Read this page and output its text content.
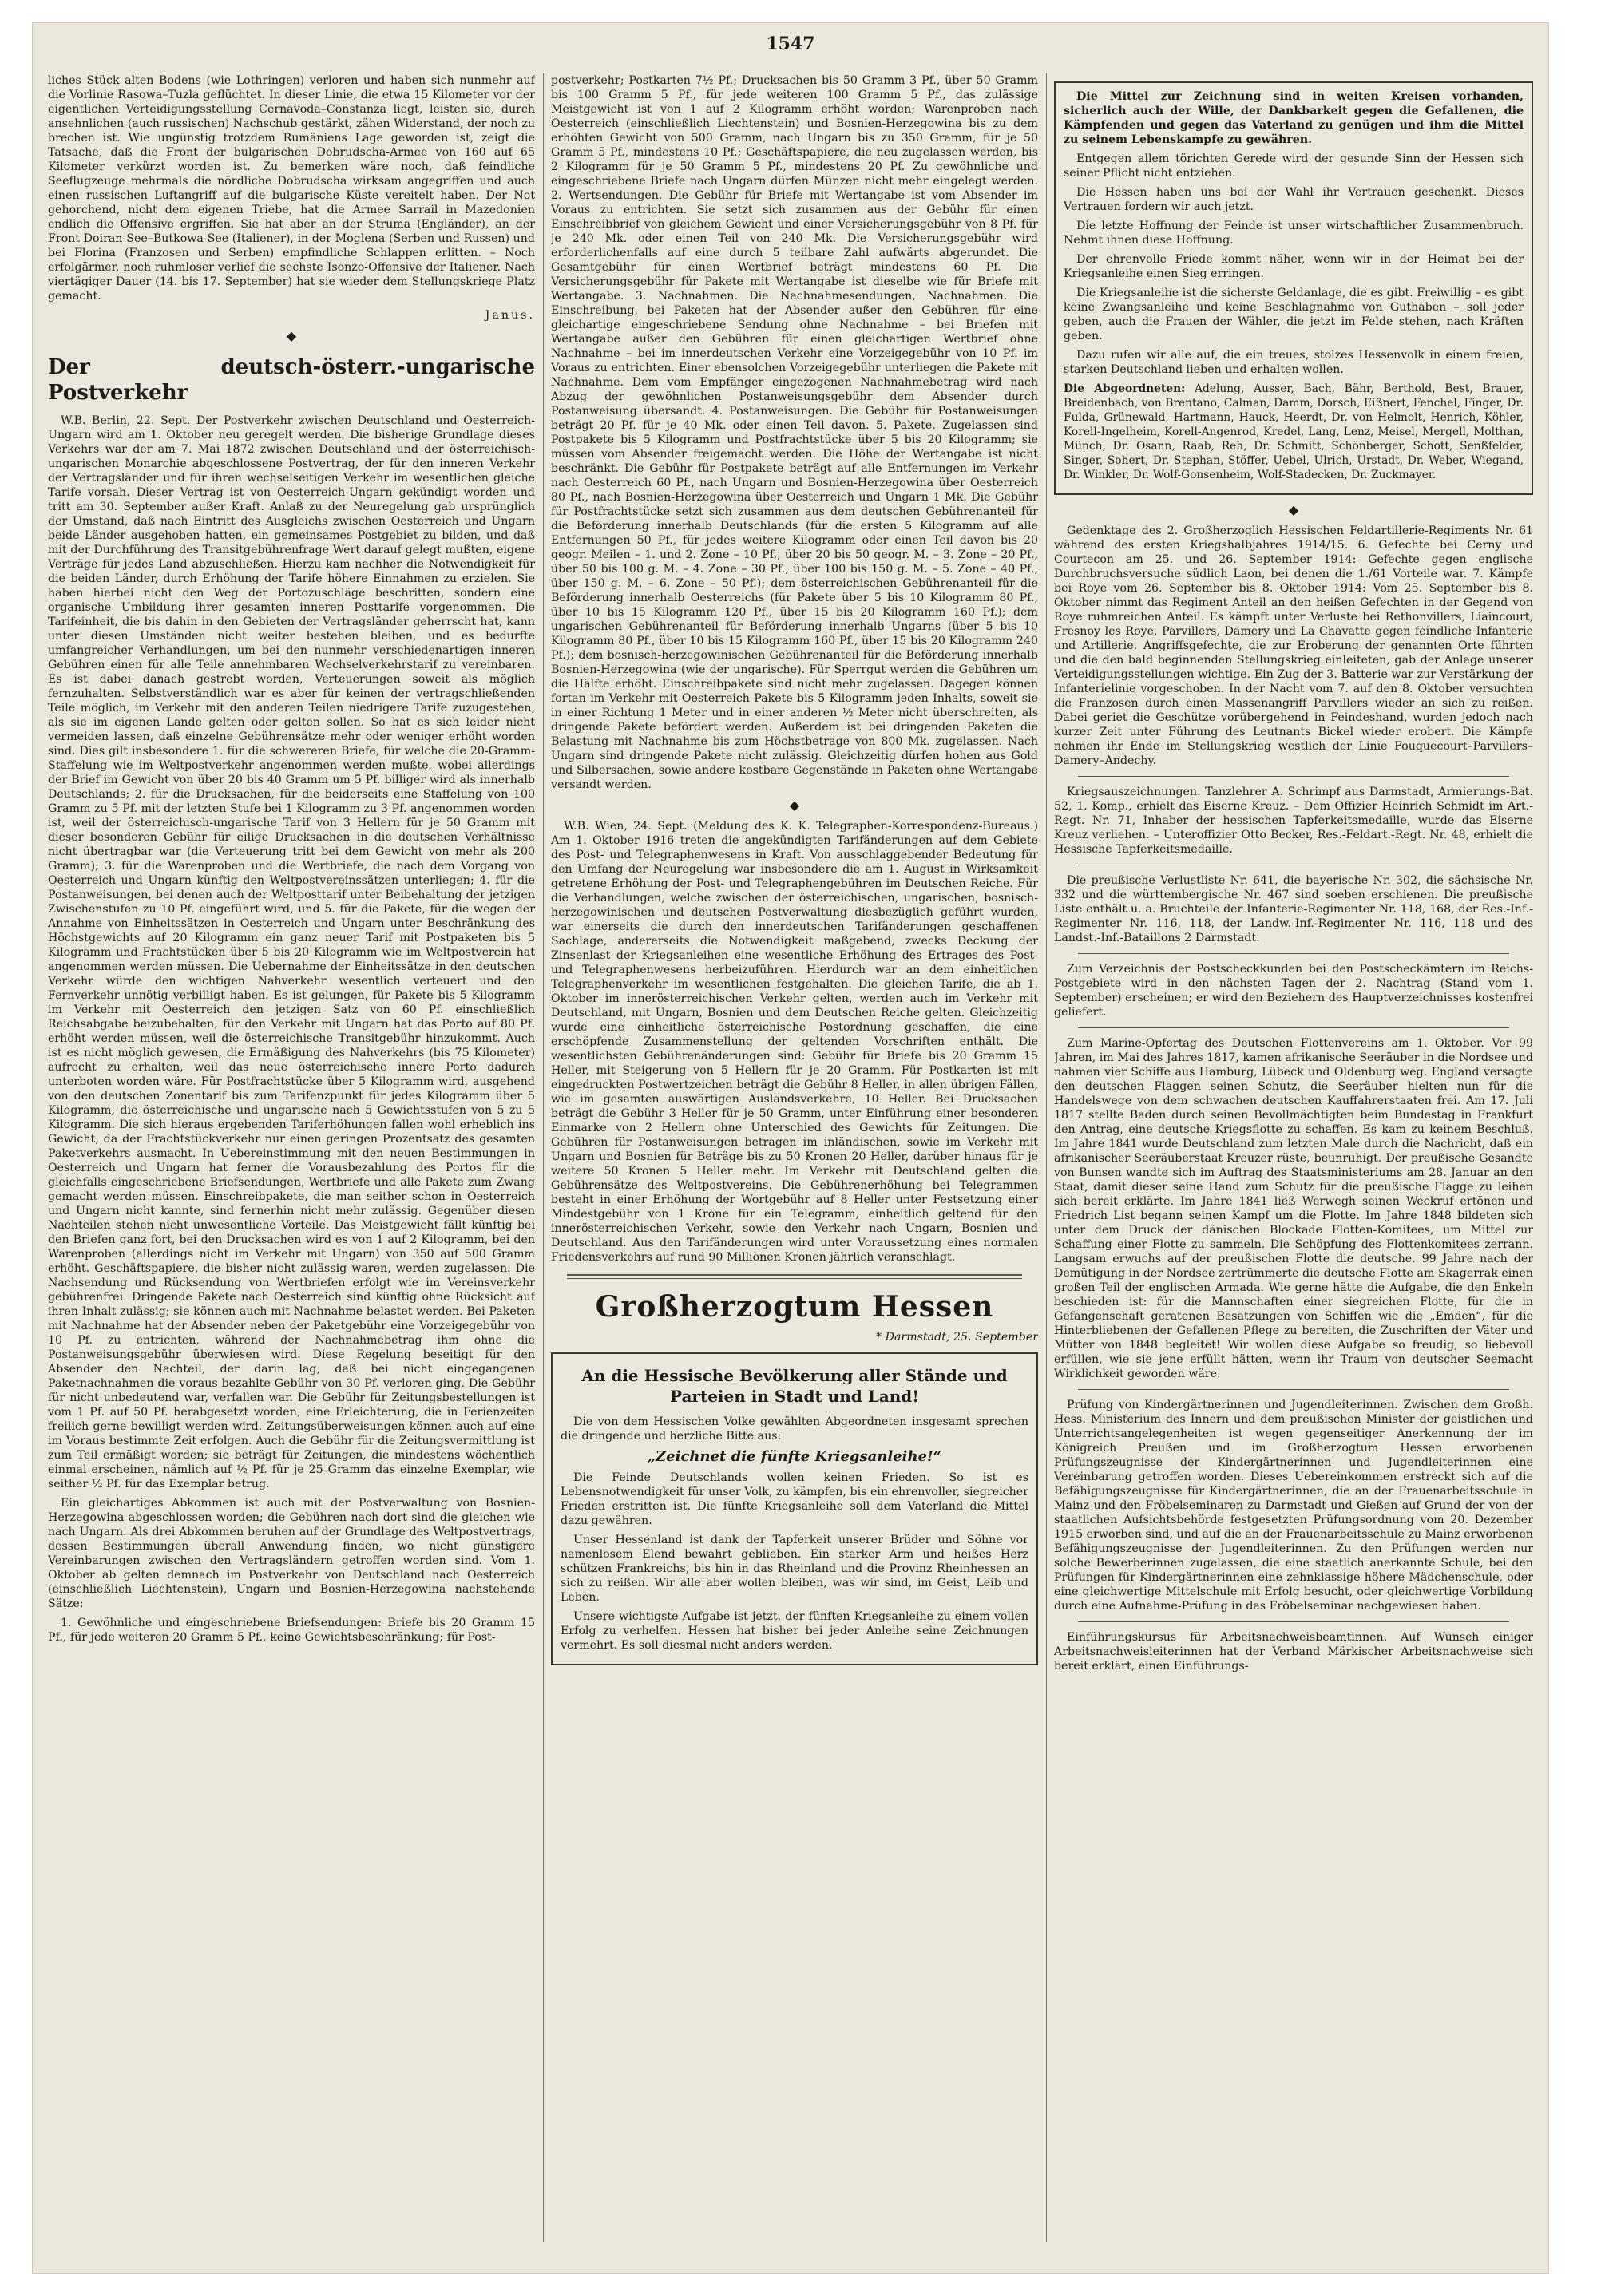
1547

liches Stück alten Bodens (wie Lothringen) verloren und haben sich nunmehr auf die Vorlinie Rasowa–Tuzla geflüchtet. In dieser Linie, die etwa 15 Kilometer vor der eigentlichen Verteidigungsstellung Cernavoda–Constanza liegt, leisten sie, durch ansehnlichen (auch russischen) Nachschub gestärkt, zähen Widerstand, der noch zu brechen ist. Wie ungünstig trotzdem Rumäniens Lage geworden ist, zeigt die Tatsache, daß die Front der bulgarischen Dobrudscha-Armee von 160 auf 65 Kilometer verkürzt worden ist. Zu bemerken wäre noch, daß feindliche Seeflugzeuge mehrmals die nördliche Dobrudscha wirksam angegriffen und auch einen russischen Luftangriff auf die bulgarische Küste vereitelt haben. Der Not gehorchend, nicht dem eigenen Triebe, hat die Armee Sarrail in Mazedonien endlich die Offensive ergriffen. Sie hat aber an der Struma (Engländer), an der Front Doiran-See–Butkowa-See (Italiener), in der Moglena (Serben und Russen) und bei Florina (Franzosen und Serben) empfindliche Schlappen erlitten. – Noch erfolgärmer, noch ruhmloser verlief die sechste Isonzo-Offensive der Italiener. Nach viertägiger Dauer (14. bis 17. September) hat sie wieder dem Stellungskriege Platz gemacht.

Janus.
◆
Der deutsch-österr.-ungarische Postverkehr

W.B. Berlin, 22. Sept. Der Postverkehr zwischen Deutschland und Oesterreich-Ungarn wird am 1. Oktober neu geregelt werden. Die bisherige Grundlage dieses Verkehrs war der am 7. Mai 1872 zwischen Deutschland und der österreichisch-ungarischen Monarchie abgeschlossene Postvertrag, der für den inneren Verkehr der Vertragsländer und für ihren wechselseitigen Verkehr im wesentlichen gleiche Tarife vorsah. Dieser Vertrag ist von Oesterreich-Ungarn gekündigt worden und tritt am 30. September außer Kraft. Anlaß zu der Neuregelung gab ursprünglich der Umstand, daß nach Eintritt des Ausgleichs zwischen Oesterreich und Ungarn beide Länder ausgehoben hatten, ein gemeinsames Postgebiet zu bilden, und daß mit der Durchführung des Transitgebührenfrage Wert darauf gelegt mußten, eigene Verträge für jedes Land abzuschließen. Hierzu kam nachher die Notwendigkeit für die beiden Länder, durch Erhöhung der Tarife höhere Einnahmen zu erzielen. Sie haben hierbei nicht den Weg der Portozuschläge beschritten, sondern eine organische Umbildung ihrer gesamten inneren Posttarife vorgenommen. Die Tarifeinheit, die bis dahin in den Gebieten der Vertragsländer geherrscht hat, kann unter diesen Umständen nicht weiter bestehen bleiben, und es bedurfte umfangreicher Verhandlungen, um bei den nunmehr verschiedenartigen inneren Gebühren einen für alle Teile annehmbaren Wechselverkehrstarif zu vereinbaren. Es ist dabei danach gestrebt worden, Verteuerungen soweit als möglich fernzuhalten. Selbstverständlich war es aber für keinen der vertragschließenden Teile möglich, im Verkehr mit den anderen Teilen niedrigere Tarife zuzugestehen, als sie im eigenen Lande gelten oder gelten sollen. So hat es sich leider nicht vermeiden lassen, daß einzelne Gebührensätze mehr oder weniger erhöht worden sind. Dies gilt insbesondere 1. für die schwereren Briefe, für welche die 20-Gramm-Staffelung wie im Weltpostverkehr angenommen werden mußte, wobei allerdings der Brief im Gewicht von über 20 bis 40 Gramm um 5 Pf. billiger wird als innerhalb Deutschlands; 2. für die Drucksachen, für die beiderseits eine Staffelung von 100 Gramm zu 5 Pf. mit der letzten Stufe bei 1 Kilogramm zu 3 Pf. angenommen worden ist, weil der österreichisch-ungarische Tarif von 3 Hellern für je 50 Gramm mit dieser besonderen Gebühr für eilige Drucksachen in die deutschen Verhältnisse nicht übertragbar war (die Verteuerung tritt bei dem Gewicht von mehr als 200 Gramm); 3. für die Warenproben und die Wertbriefe, die nach dem Vorgang von Oesterreich und Ungarn künftig den Weltpostvereinssätzen unterliegen; 4. für die Postanweisungen, bei denen auch der Weltposttarif unter Beibehaltung der jetzigen Zwischenstufen zu 10 Pf. eingeführt wird, und 5. für die Pakete, für die wegen der Annahme von Einheitssätzen in Oesterreich und Ungarn unter Beschränkung des Höchstgewichts auf 20 Kilogramm ein ganz neuer Tarif mit Postpaketen bis 5 Kilogramm und Frachtstücken über 5 bis 20 Kilogramm wie im Weltpostverein hat angenommen werden müssen. Die Uebernahme der Einheitssätze in den deutschen Verkehr würde den wichtigen Nahverkehr wesentlich verteuert und den Fernverkehr unnötig verbilligt haben. Es ist gelungen, für Pakete bis 5 Kilogramm im Verkehr mit Oesterreich den jetzigen Satz von 60 Pf. einschließlich Reichsabgabe beizubehalten; für den Verkehr mit Ungarn hat das Porto auf 80 Pf. erhöht werden müssen, weil die österreichische Transitgebühr hinzukommt. Auch ist es nicht möglich gewesen, die Ermäßigung des Nahverkehrs (bis 75 Kilometer) aufrecht zu erhalten, weil das neue österreichische innere Porto dadurch unterboten worden wäre. Für Postfrachtstücke über 5 Kilogramm wird, ausgehend von den deutschen Zonentarif bis zum Tarifenzpunkt für jedes Kilogramm über 5 Kilogramm, die österreichische und ungarische nach 5 Gewichtsstufen von 5 zu 5 Kilogramm. Die sich hieraus ergebenden Tariferhöhungen fallen wohl erheblich ins Gewicht, da der Frachtstückverkehr nur einen geringen Prozentsatz des gesamten Paketverkehrs ausmacht. In Uebereinstimmung mit den neuen Bestimmungen in Oesterreich und Ungarn hat ferner die Vorausbezahlung des Portos für die gleichfalls eingeschriebene Briefsendungen, Wertbriefe und alle Pakete zum Zwang gemacht werden müssen. Einschreibpakete, die man seither schon in Oesterreich und Ungarn nicht kannte, sind fernerhin nicht mehr zulässig. Gegenüber diesen Nachteilen stehen nicht unwesentliche Vorteile. Das Meistgewicht fällt künftig bei den Briefen ganz fort, bei den Drucksachen wird es von 1 auf 2 Kilogramm, bei den Warenproben (allerdings nicht im Verkehr mit Ungarn) von 350 auf 500 Gramm erhöht. Geschäftspapiere, die bisher nicht zulässig waren, werden zugelassen. Die Nachsendung und Rücksendung von Wertbriefen erfolgt wie im Vereinsverkehr gebührenfrei. Dringende Pakete nach Oesterreich sind künftig ohne Rücksicht auf ihren Inhalt zulässig; sie können auch mit Nachnahme belastet werden. Bei Paketen mit Nachnahme hat der Absender neben der Paketgebühr eine Vorzeigegebühr von 10 Pf. zu entrichten, während der Nachnahmebetrag ihm ohne die Postanweisungsgebühr überwiesen wird. Diese Regelung beseitigt für den Absender den Nachteil, der darin lag, daß bei nicht eingegangenen Paketnachnahmen die voraus bezahlte Gebühr von 30 Pf. verloren ging. Die Gebühr für nicht unbedeutend war, verfallen war. Die Gebühr für Zeitungsbestellungen ist vom 1 Pf. auf 50 Pf. herabgesetzt worden, eine Erleichterung, die in Ferienzeiten freilich gerne bewilligt werden wird. Zeitungsüberweisungen können auch auf eine im Voraus bestimmte Zeit erfolgen. Auch die Gebühr für die Zeitungsvermittlung ist zum Teil ermäßigt worden; sie beträgt für Zeitungen, die mindestens wöchentlich einmal erscheinen, nämlich auf ½ Pf. für je 25 Gramm das einzelne Exemplar, wie seither ½ Pf. für das Exemplar betrug.

Ein gleichartiges Abkommen ist auch mit der Postverwaltung von Bosnien-Herzegowina abgeschlossen worden; die Gebühren nach dort sind die gleichen wie nach Ungarn. Als drei Abkommen beruhen auf der Grundlage des Weltpostvertrags, dessen Bestimmungen überall Anwendung finden, wo nicht günstigere Vereinbarungen zwischen den Vertragsländern getroffen worden sind. Vom 1. Oktober ab gelten demnach im Postverkehr von Deutschland nach Oesterreich (einschließlich Liechtenstein), Ungarn und Bosnien-Herzegowina nachstehende Sätze:

1. Gewöhnliche und eingeschriebene Briefsendungen: Briefe bis 20 Gramm 15 Pf., für jede weiteren 20 Gramm 5 Pf., keine Gewichtsbeschränkung; für Post-

postverkehr; Postkarten 7½ Pf.; Drucksachen bis 50 Gramm 3 Pf., über 50 Gramm bis 100 Gramm 5 Pf., für jede weiteren 100 Gramm 5 Pf., das zulässige Meistgewicht ist von 1 auf 2 Kilogramm erhöht worden; Warenproben nach Oesterreich (einschließlich Liechtenstein) und Bosnien-Herzegowina bis zu dem erhöhten Gewicht von 500 Gramm, nach Ungarn bis zu 350 Gramm, für je 50 Gramm 5 Pf., mindestens 10 Pf.; Geschäftspapiere, die neu zugelassen werden, bis 2 Kilogramm für je 50 Gramm 5 Pf., mindestens 20 Pf. Zu gewöhnliche und eingeschriebene Briefe nach Ungarn dürfen Münzen nicht mehr eingelegt werden. 2. Wertsendungen. Die Gebühr für Briefe mit Wertangabe ist vom Absender im Voraus zu entrichten. Sie setzt sich zusammen aus der Gebühr für einen Einschreibbrief von gleichem Gewicht und einer Versicherungsgebühr von 8 Pf. für je 240 Mk. oder einen Teil von 240 Mk. Die Versicherungsgebühr wird erforderlichenfalls auf eine durch 5 teilbare Zahl aufwärts abgerundet. Die Gesamtgebühr für einen Wertbrief beträgt mindestens 60 Pf. Die Versicherungsgebühr für Pakete mit Wertangabe ist dieselbe wie für Briefe mit Wertangabe. 3. Nachnahmen. Die Nachnahmesendungen, Nachnahmen. Die Einschreibung, bei Paketen hat der Absender außer den Gebühren für eine gleichartige eingeschriebene Sendung ohne Nachnahme – bei Briefen mit Wertangabe außer den Gebühren für einen gleichartigen Wertbrief ohne Nachnahme – bei im innerdeutschen Verkehr eine Vorzeigegebühr von 10 Pf. im Voraus zu entrichten. Einer ebensolchen Vorzeigegebühr unterliegen die Pakete mit Nachnahme. Dem vom Empfänger eingezogenen Nachnahmebetrag wird nach Abzug der gewöhnlichen Postanweisungsgebühr dem Absender durch Postanweisung übersandt. 4. Postanweisungen. Die Gebühr für Postanweisungen beträgt 20 Pf. für je 40 Mk. oder einen Teil davon. 5. Pakete. Zugelassen sind Postpakete bis 5 Kilogramm und Postfrachtstücke über 5 bis 20 Kilogramm; sie müssen vom Absender freigemacht werden. Die Höhe der Wertangabe ist nicht beschränkt. Die Gebühr für Postpakete beträgt auf alle Entfernungen im Verkehr nach Oesterreich 60 Pf., nach Ungarn und Bosnien-Herzegowina über Oesterreich 80 Pf., nach Bosnien-Herzegowina über Oesterreich und Ungarn 1 Mk. Die Gebühr für Postfrachtstücke setzt sich zusammen aus dem deutschen Gebührenanteil für die Beförderung innerhalb Deutschlands (für die ersten 5 Kilogramm auf alle Entfernungen 50 Pf., für jedes weitere Kilogramm oder einen Teil davon bis 20 geogr. Meilen – 1. und 2. Zone – 10 Pf., über 20 bis 50 geogr. M. – 3. Zone – 20 Pf., über 50 bis 100 g. M. – 4. Zone – 30 Pf., über 100 bis 150 g. M. – 5. Zone – 40 Pf., über 150 g. M. – 6. Zone – 50 Pf.); dem österreichischen Gebührenanteil für die Beförderung innerhalb Oesterreichs (für Pakete über 5 bis 10 Kilogramm 80 Pf., über 10 bis 15 Kilogramm 120 Pf., über 15 bis 20 Kilogramm 160 Pf.); dem ungarischen Gebührenanteil für Beförderung innerhalb Ungarns (über 5 bis 10 Kilogramm 80 Pf., über 10 bis 15 Kilogramm 160 Pf., über 15 bis 20 Kilogramm 240 Pf.); dem bosnisch-herzegowinischen Gebührenanteil für die Beförderung innerhalb Bosnien-Herzegowina (wie der ungarische). Für Sperrgut werden die Gebühren um die Hälfte erhöht. Einschreibpakete sind nicht mehr zugelassen. Dagegen können fortan im Verkehr mit Oesterreich Pakete bis 5 Kilogramm jeden Inhalts, soweit sie in einer Richtung 1 Meter und in einer anderen ½ Meter nicht überschreiten, als dringende Pakete befördert werden. Außerdem ist bei dringenden Paketen die Belastung mit Nachnahme bis zum Höchstbetrage von 800 Mk. zugelassen. Nach Ungarn sind dringende Pakete nicht zulässig. Gleichzeitig dürfen hohen aus Gold und Silbersachen, sowie andere kostbare Gegenstände in Paketen ohne Wertangabe versandt werden.

◆

W.B. Wien, 24. Sept. (Meldung des K. K. Telegraphen-Korrespondenz-Bureaus.) Am 1. Oktober 1916 treten die angekündigten Tarifänderungen auf dem Gebiete des Post- und Telegraphenwesens in Kraft. Von ausschlaggebender Bedeutung für den Umfang der Neuregelung war insbesondere die am 1. August in Wirksamkeit getretene Erhöhung der Post- und Telegraphengebühren im Deutschen Reiche. Für die Verhandlungen, welche zwischen der österreichischen, ungarischen, bosnisch-herzegowinischen und deutschen Postverwaltung diesbezüglich geführt wurden, war einerseits die durch den innerdeutschen Tarifänderungen geschaffenen Sachlage, andererseits die Notwendigkeit maßgebend, zwecks Deckung der Zinsenlast der Kriegsanleihen eine wesentliche Erhöhung des Ertrages des Post- und Telegraphenwesens herbeizuführen. Hierdurch war an dem einheitlichen Telegraphenverkehr im wesentlichen festgehalten. Die gleichen Tarife, die ab 1. Oktober im innerösterreichischen Verkehr gelten, werden auch im Verkehr mit Deutschland, mit Ungarn, Bosnien und dem Deutschen Reiche gelten. Gleichzeitig wurde eine einheitliche österreichische Postordnung geschaffen, die eine erschöpfende Zusammenstellung der geltenden Vorschriften enthält. Die wesentlichsten Gebührenänderungen sind: Gebühr für Briefe bis 20 Gramm 15 Heller, mit Steigerung von 5 Hellern für je 20 Gramm. Für Postkarten ist mit eingedruckten Postwertzeichen beträgt die Gebühr 8 Heller, in allen übrigen Fällen, wie im gesamten auswärtigen Auslandsverkehre, 10 Heller. Bei Drucksachen beträgt die Gebühr 3 Heller für je 50 Gramm, unter Einführung einer besonderen Einmarke von 2 Hellern ohne Unterschied des Gewichts für Zeitungen. Die Gebühren für Postanweisungen betragen im inländischen, sowie im Verkehr mit Ungarn und Bosnien für Beträge bis zu 50 Kronen 20 Heller, darüber hinaus für je weitere 50 Kronen 5 Heller mehr. Im Verkehr mit Deutschland gelten die Gebührensätze des Weltpostvereins. Die Gebührenerhöhung bei Telegrammen besteht in einer Erhöhung der Wortgebühr auf 8 Heller unter Festsetzung einer Mindestgebühr von 1 Krone für ein Telegramm, einheitlich geltend für den innerösterreichischen Verkehr, sowie den Verkehr nach Ungarn, Bosnien und Deutschland. Aus den Tarifänderungen wird unter Voraussetzung eines normalen Friedensverkehrs auf rund 90 Millionen Kronen jährlich veranschlagt.

Großherzogtum Hessen
* Darmstadt, 25. September
An die Hessische Bevölkerung aller Stände und Parteien in Stadt und Land!

Die von dem Hessischen Volke gewählten Abgeordneten insgesamt sprechen die dringende und herzliche Bitte aus:

„Zeichnet die fünfte Kriegsanleihe!“

Die Feinde Deutschlands wollen keinen Frieden. So ist es Lebensnotwendigkeit für unser Volk, zu kämpfen, bis ein ehrenvoller, siegreicher Frieden erstritten ist. Die fünfte Kriegsanleihe soll dem Vaterland die Mittel dazu gewähren.

Unser Hessenland ist dank der Tapferkeit unserer Brüder und Söhne vor namenlosem Elend bewahrt geblieben. Ein starker Arm und heißes Herz schützen Frankreichs, bis hin in das Rheinland und die Provinz Rheinhessen an sich zu reißen. Wir alle aber wollen bleiben, was wir sind, im Geist, Leib und Leben.

Unsere wichtigste Aufgabe ist jetzt, der fünften Kriegsanleihe zu einem vollen Erfolg zu verhelfen. Hessen hat bisher bei jeder Anleihe seine Zeichnungen vermehrt. Es soll diesmal nicht anders werden.

Die Mittel zur Zeichnung sind in weiten Kreisen vorhanden, sicherlich auch der Wille, der Dankbarkeit gegen die Gefallenen, die Kämpfenden und gegen das Vaterland zu genügen und ihm die Mittel zu seinem Lebenskampfe zu gewähren.

Entgegen allem törichten Gerede wird der gesunde Sinn der Hessen sich seiner Pflicht nicht entziehen.

Die Hessen haben uns bei der Wahl ihr Vertrauen geschenkt. Dieses Vertrauen fordern wir auch jetzt.

Die letzte Hoffnung der Feinde ist unser wirtschaftlicher Zusammenbruch. Nehmt ihnen diese Hoffnung.

Der ehrenvolle Friede kommt näher, wenn wir in der Heimat bei der Kriegsanleihe einen Sieg erringen.

Die Kriegsanleihe ist die sicherste Geldanlage, die es gibt. Freiwillig – es gibt keine Zwangsanleihe und keine Beschlagnahme von Guthaben – soll jeder geben, auch die Frauen der Wähler, die jetzt im Felde stehen, nach Kräften geben.

Dazu rufen wir alle auf, die ein treues, stolzes Hessenvolk in einem freien, starken Deutschland lieben und erhalten wollen.

Die Abgeordneten: Adelung, Ausser, Bach, Bähr, Berthold, Best, Brauer, Breidenbach, von Brentano, Calman, Damm, Dorsch, Eißnert, Fenchel, Finger, Dr. Fulda, Grünewald, Hartmann, Hauck, Heerdt, Dr. von Helmolt, Henrich, Köhler, Korell-Ingelheim, Korell-Angenrod, Kredel, Lang, Lenz, Meisel, Mergell, Molthan, Münch, Dr. Osann, Raab, Reh, Dr. Schmitt, Schönberger, Schott, Senßfelder, Singer, Sohert, Dr. Stephan, Stöffer, Uebel, Ulrich, Urstadt, Dr. Weber, Wiegand, Dr. Winkler, Dr. Wolf-Gonsenheim, Wolf-Stadecken, Dr. Zuckmayer.

◆

Gedenktage des 2. Großherzoglich Hessischen Feldartillerie-Regiments Nr. 61 während des ersten Kriegshalbjahres 1914/15. 6. Gefechte bei Cerny und Courtecon am 25. und 26. September 1914: Gefechte gegen englische Durchbruchsversuche südlich Laon, bei denen die 1./61 Vorteile war. 7. Kämpfe bei Roye vom 26. September bis 8. Oktober 1914: Vom 25. September bis 8. Oktober nimmt das Regiment Anteil an den heißen Gefechten in der Gegend von Roye ruhmreichen Anteil. Es kämpft unter Verluste bei Rethonvillers, Liaincourt, Fresnoy les Roye, Parvillers, Damery und La Chavatte gegen feindliche Infanterie und Artillerie. Angriffsgefechte, die zur Eroberung der genannten Orte führten und die den bald beginnenden Stellungskrieg einleiteten, gab der Anlage unserer Verteidigungsstellungen wichtige. Ein Zug der 3. Batterie war zur Verstärkung der Infanterielinie vorgeschoben. In der Nacht vom 7. auf den 8. Oktober versuchten die Franzosen durch einen Massenangriff Parvillers wieder an sich zu reißen. Dabei geriet die Geschütze vorübergehend in Feindeshand, wurden jedoch nach kurzer Zeit unter Führung des Leutnants Bickel wieder erobert. Die Kämpfe nehmen ihr Ende im Stellungskrieg westlich der Linie Fouquecourt–Parvillers–Damery–Andechy.

Kriegsauszeichnungen. Tanzlehrer A. Schrimpf aus Darmstadt, Armierungs-Bat. 52, 1. Komp., erhielt das Eiserne Kreuz. – Dem Offizier Heinrich Schmidt im Art.-Regt. Nr. 71, Inhaber der hessischen Tapferkeitsmedaille, wurde das Eiserne Kreuz verliehen. – Unteroffizier Otto Becker, Res.-Feldart.-Regt. Nr. 48, erhielt die Hessische Tapferkeitsmedaille.

Die preußische Verlustliste Nr. 641, die bayerische Nr. 302, die sächsische Nr. 332 und die württembergische Nr. 467 sind soeben erschienen. Die preußische Liste enthält u. a. Bruchteile der Infanterie-Regimenter Nr. 118, 168, der Res.-Inf.-Regimenter Nr. 116, 118, der Landw.-Inf.-Regimenter Nr. 116, 118 und des Landst.-Inf.-Bataillons 2 Darmstadt.

Zum Verzeichnis der Postscheckkunden bei den Postscheckämtern im Reichs-Postgebiete wird in den nächsten Tagen der 2. Nachtrag (Stand vom 1. September) erscheinen; er wird den Beziehern des Hauptverzeichnisses kostenfrei geliefert.

Zum Marine-Opfertag des Deutschen Flottenvereins am 1. Oktober. Vor 99 Jahren, im Mai des Jahres 1817, kamen afrikanische Seeräuber in die Nordsee und nahmen vier Schiffe aus Hamburg, Lübeck und Oldenburg weg. England versagte den deutschen Flaggen seinen Schutz, die Seeräuber hielten nun für die Handelswege von dem schwachen deutschen Kauffahrerstaaten frei. Am 17. Juli 1817 stellte Baden durch seinen Bevollmächtigten beim Bundestag in Frankfurt den Antrag, eine deutsche Kriegsflotte zu schaffen. Es kam zu keinem Beschluß. Im Jahre 1841 wurde Deutschland zum letzten Male durch die Nachricht, daß ein afrikanischer Seeräuberstaat Kreuzer rüste, beunruhigt. Der preußische Gesandte von Bunsen wandte sich im Auftrag des Staatsministeriums am 28. Januar an den Staat, damit dieser seine Hand zum Schutz für die preußische Flagge zu leihen sich bereit erklärte. Im Jahre 1841 ließ Werwegh seinen Weckruf ertönen und Friedrich List begann seinen Kampf um die Flotte. Im Jahre 1848 bildeten sich unter dem Druck der dänischen Blockade Flotten-Komitees, um Mittel zur Schaffung einer Flotte zu sammeln. Die Schöpfung des Flottenkomitees zerrann. Langsam erwuchs auf der preußischen Flotte die deutsche. 99 Jahre nach der Demütigung in der Nordsee zertrümmerte die deutsche Flotte am Skagerrak einen großen Teil der englischen Armada. Wie gerne hätte die Aufgabe, die den Enkeln beschieden ist: für die Mannschaften einer siegreichen Flotte, für die in Gefangenschaft geratenen Besatzungen von Schiffen wie die „Emden“, für die Hinterbliebenen der Gefallenen Pflege zu bereiten, die Zuschriften der Väter und Mütter von 1848 begleitet! Wir wollen diese Aufgabe so freudig, so liebevoll erfüllen, wie sie jene erfüllt hätten, wenn ihr Traum von deutscher Seemacht Wirklichkeit geworden wäre.

Prüfung von Kindergärtnerinnen und Jugendleiterinnen. Zwischen dem Großh. Hess. Ministerium des Innern und dem preußischen Minister der geistlichen und Unterrichtsangelegenheiten ist wegen gegenseitiger Anerkennung der im Königreich Preußen und im Großherzogtum Hessen erworbenen Prüfungszeugnisse der Kindergärtnerinnen und Jugendleiterinnen eine Vereinbarung getroffen worden. Dieses Uebereinkommen erstreckt sich auf die Befähigungszeugnisse für Kindergärtnerinnen, die an der Frauenarbeitsschule in Mainz und den Fröbelseminaren zu Darmstadt und Gießen auf Grund der von der staatlichen Aufsichtsbehörde festgesetzten Prüfungsordnung vom 20. Dezember 1915 erworben sind, und auf die an der Frauenarbeitsschule zu Mainz erworbenen Befähigungszeugnisse der Jugendleiterinnen. Zu den Prüfungen werden nur solche Bewerberinnen zugelassen, die eine staatlich anerkannte Schule, bei den Prüfungen für Kindergärtnerinnen eine zehnklassige höhere Mädchenschule, oder eine gleichwertige Mittelschule mit Erfolg besucht, oder gleichwertige Vorbildung durch eine Aufnahme-Prüfung in das Fröbelseminar nachgewiesen haben.

Einführungskursus für Arbeitsnachweisbeamtinnen. Auf Wunsch einiger Arbeitsnachweisleiterinnen hat der Verband Märkischer Arbeitsnachweise sich bereit erklärt, einen Einführungs-
